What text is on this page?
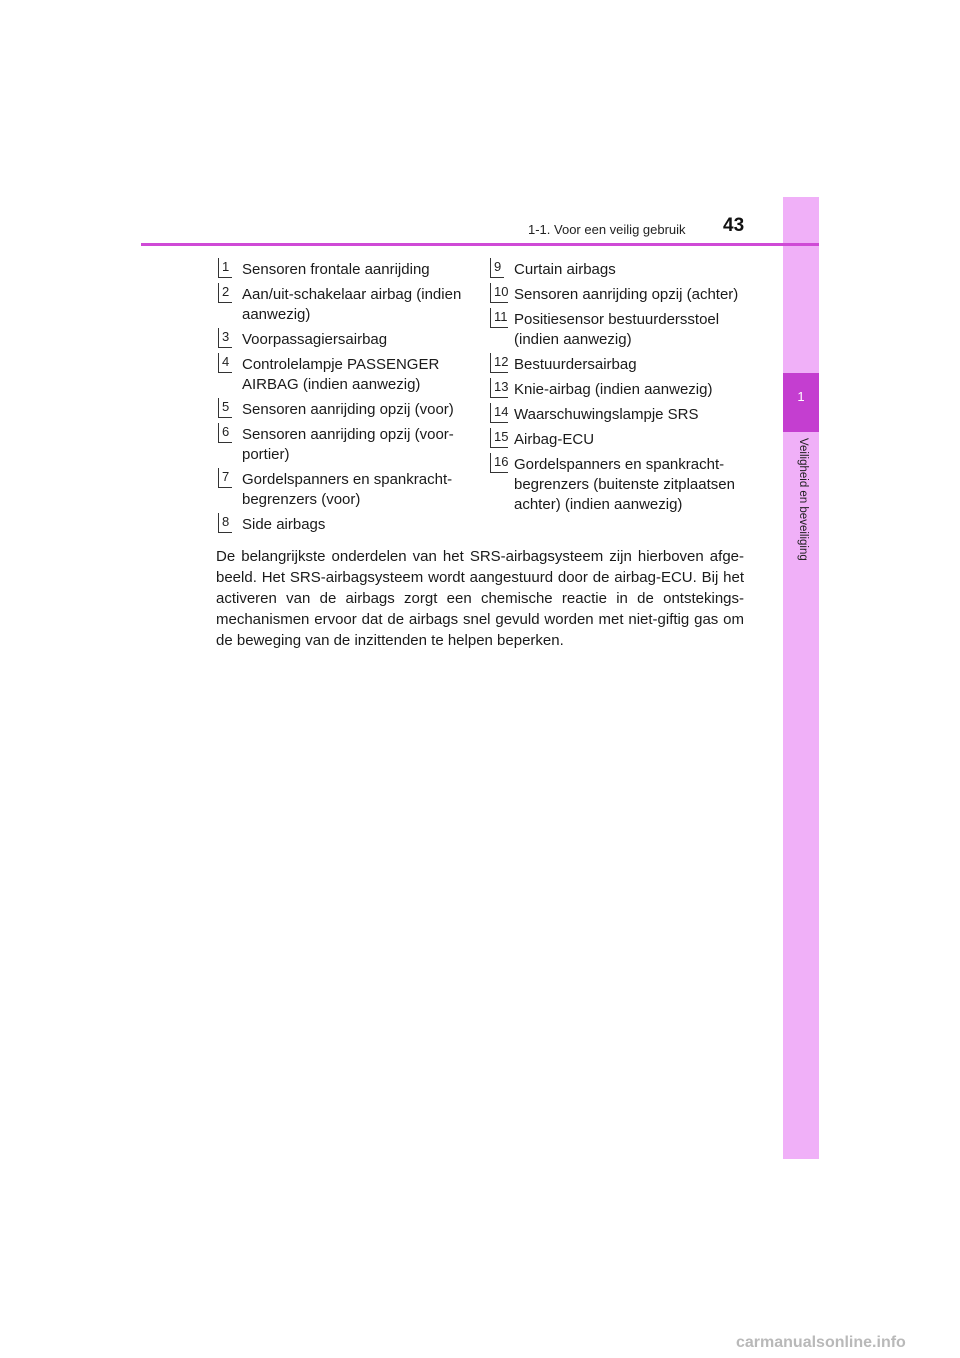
1
Veiligheid en beveiliging
1-1. Voor een veilig gebruik 43
1 Sensoren frontale aanrijding
2 Aan/uit-schakelaar airbag (indien aanwezig)
3 Voorpassagiersairbag
4 Controlelampje PASSENGER AIRBAG (indien aanwezig)
5 Sensoren aanrijding opzij (voor)
6 Sensoren aanrijding opzij (voor-portier)
7 Gordelspanners en spankracht-begrenzers (voor)
8 Side airbags
9 Curtain airbags
10 Sensoren aanrijding opzij (achter)
11 Positiesensor bestuurdersstoel (indien aanwezig)
12 Bestuurdersairbag
13 Knie-airbag (indien aanwezig)
14 Waarschuwingslampje SRS
15 Airbag-ECU
16 Gordelspanners en spankracht-begrenzers (buitenste zitplaatsen achter) (indien aanwezig)
De belangrijkste onderdelen van het SRS-airbagsysteem zijn hierboven afge-beeld. Het SRS-airbagsysteem wordt aangestuurd door de airbag-ECU. Bij het activeren van de airbags zorgt een chemische reactie in de ontstekings-mechanismen ervoor dat de airbags snel gevuld worden met niet-giftig gas om de beweging van de inzittenden te helpen beperken.
carmanualsonline.info
